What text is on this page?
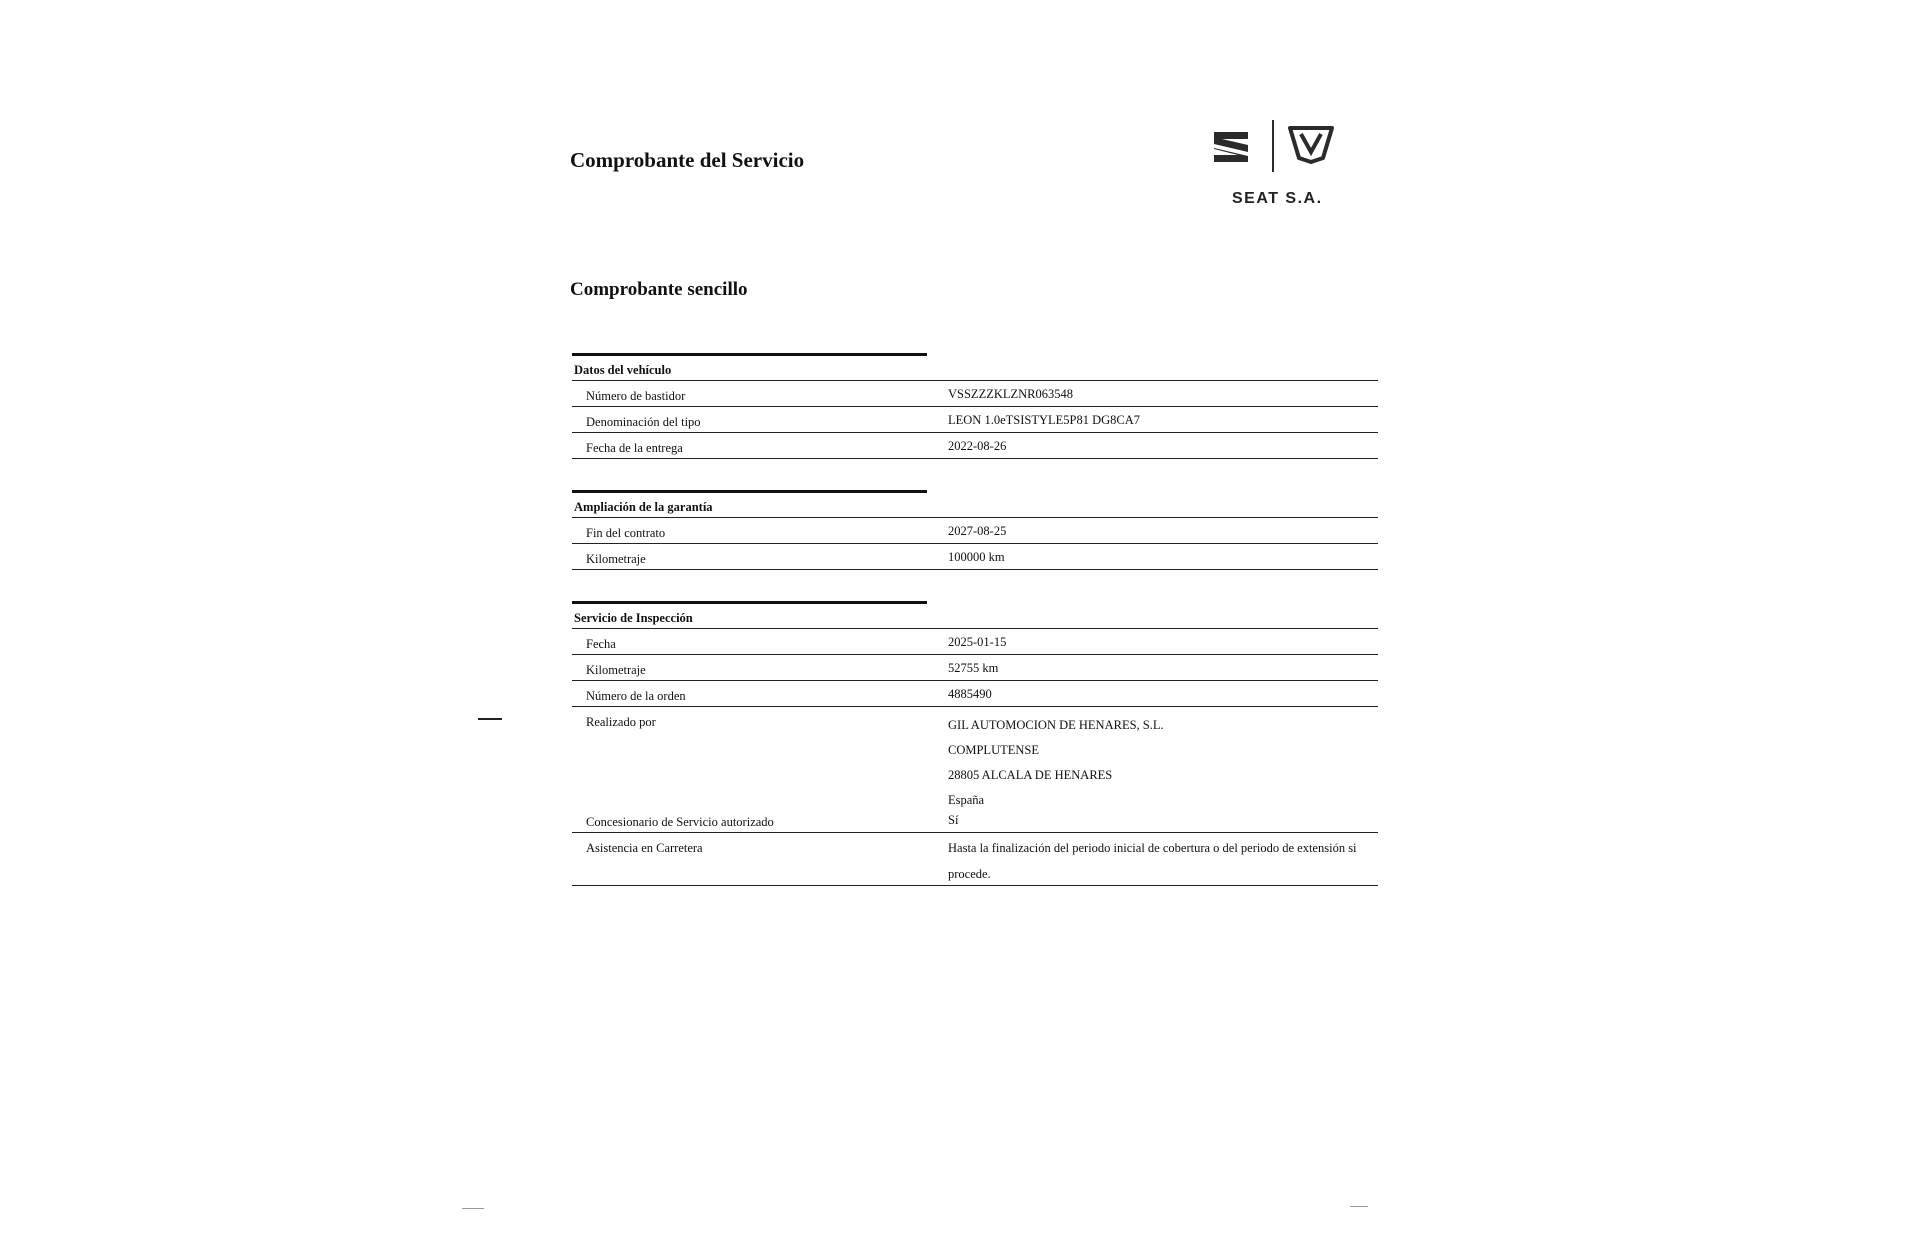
Comprobante del Servicio
SEAT S.A.
Comprobante sencillo
Datos del vehículo
Número de bastidor	VSSZZZKLZNR063548
Denominación del tipo	LEON 1.0eTSISTYLE5P81 DG8CA7
Fecha de la entrega	2022-08-26
Ampliación de la garantía
Fin del contrato	2027-08-25
Kilometraje	100000 km
Servicio de Inspección
Fecha	2025-01-15
Kilometraje	52755 km
Número de la orden	4885490
Realizado por	GIL AUTOMOCION DE HENARES, S.L.
COMPLUTENSE
28805 ALCALA DE HENARES
España
Concesionario de Servicio autorizado	Sí
Asistencia en Carretera	Hasta la finalización del periodo inicial de cobertura o del periodo de extensión si procede.
